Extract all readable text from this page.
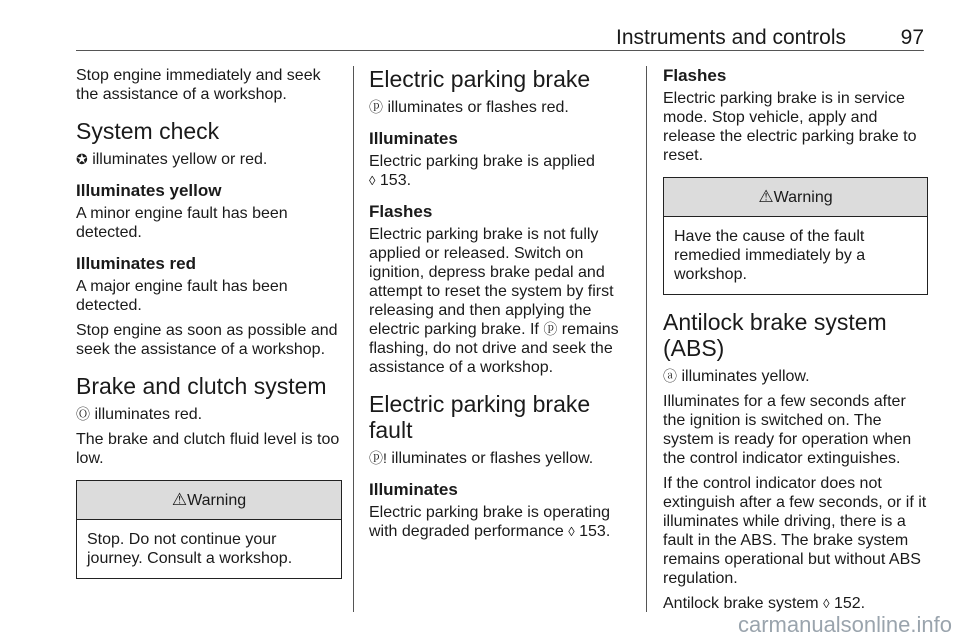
Instruments and controls	97

Stop engine immediately and seek the assistance of a workshop.

System check

✪ illuminates yellow or red.

Illuminates yellow

A minor engine fault has been detected.

Illuminates red

A major engine fault has been detected.

Stop engine as soon as possible and seek the assistance of a workshop.

Brake and clutch system

Ⓞ illuminates red.

The brake and clutch fluid level is too low.

⚠Warning
Stop. Do not continue your journey. Consult a workshop.
Electric parking brake

ⓟ illuminates or flashes red.

Illuminates

Electric parking brake is applied
◊ 153.

Flashes

Electric parking brake is not fully applied or released. Switch on ignition, depress brake pedal and attempt to reset the system by first releasing and then applying the electric parking brake. If ⓟ remains flashing, do not drive and seek the assistance of a workshop.

Electric parking brake fault

ⓟ! illuminates or flashes yellow.

Illuminates

Electric parking brake is operating with degraded performance ◊ 153.

Flashes

Electric parking brake is in service mode. Stop vehicle, apply and release the electric parking brake to reset.

⚠Warning
Have the cause of the fault remedied immediately by a workshop.
Antilock brake system (ABS)

ⓐ illuminates yellow.

Illuminates for a few seconds after the ignition is switched on. The system is ready for operation when the control indicator extinguishes.

If the control indicator does not extinguish after a few seconds, or if it illuminates while driving, there is a fault in the ABS. The brake system remains operational but without ABS regulation.

Antilock brake system ◊ 152.

carmanualsonline.info
